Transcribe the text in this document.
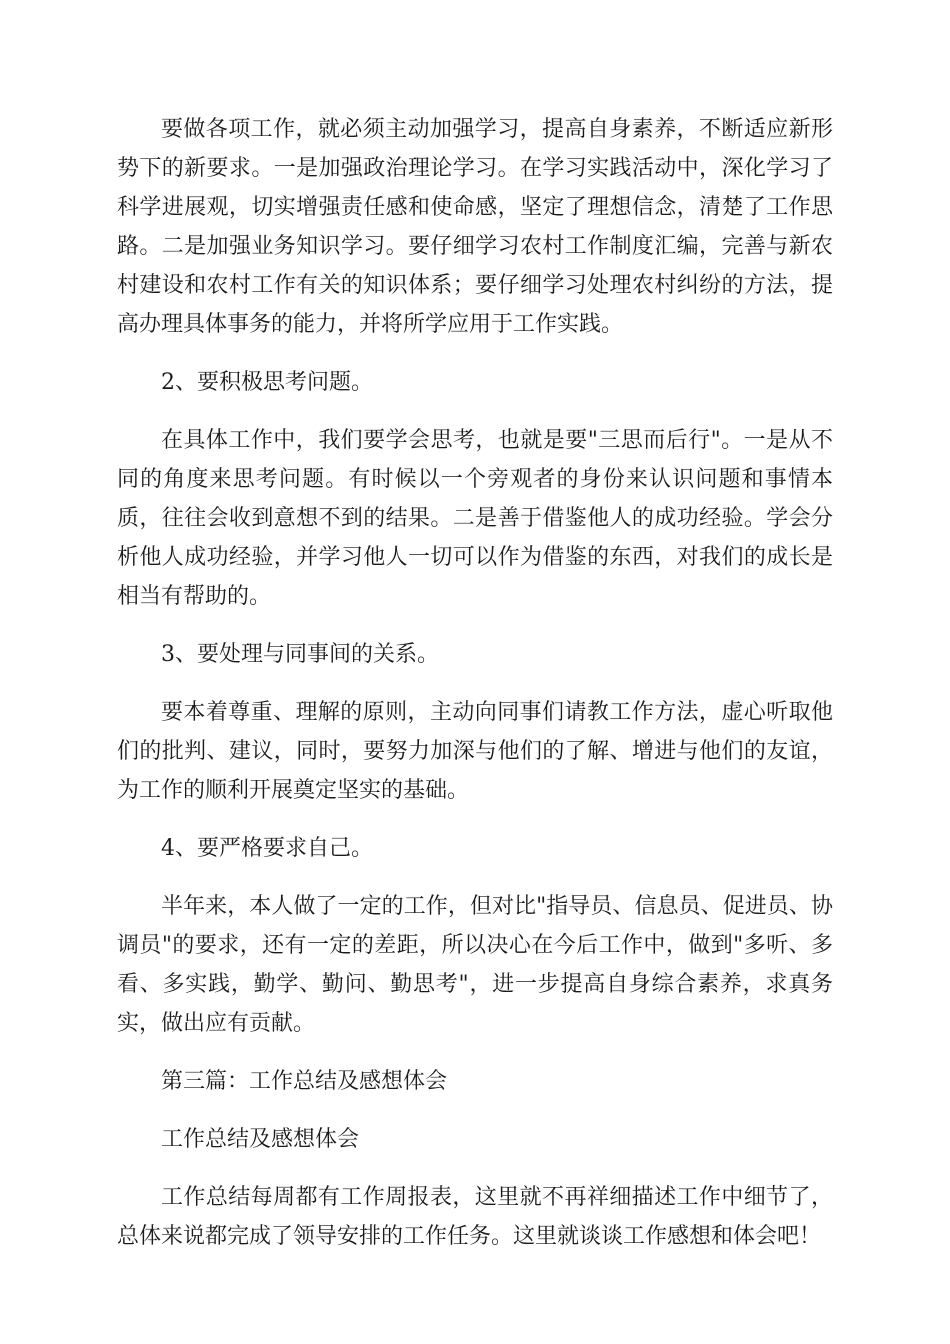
要做各项工作，就必须主动加强学习，提高自身素养，不断适应新形势下的新要求。一是加强政治理论学习。在学习实践活动中，深化学习了科学进展观，切实增强责任感和使命感，坚定了理想信念，清楚了工作思路。二是加强业务知识学习。要仔细学习农村工作制度汇编，完善与新农村建设和农村工作有关的知识体系；要仔细学习处理农村纠纷的方法，提高办理具体事务的能力，并将所学应用于工作实践。

2、要积极思考问题。

在具体工作中，我们要学会思考，也就是要"三思而后行"。一是从不同的角度来思考问题。有时候以一个旁观者的身份来认识问题和事情本质，往往会收到意想不到的结果。二是善于借鉴他人的成功经验。学会分析他人成功经验，并学习他人一切可以作为借鉴的东西，对我们的成长是相当有帮助的。

3、要处理与同事间的关系。

要本着尊重、理解的原则，主动向同事们请教工作方法，虚心听取他们的批判、建议，同时，要努力加深与他们的了解、增进与他们的友谊，为工作的顺利开展奠定坚实的基础。

4、要严格要求自己。

半年来，本人做了一定的工作，但对比"指导员、信息员、促进员、协调员"的要求，还有一定的差距，所以决心在今后工作中，做到"多听、多看、多实践，勤学、勤问、勤思考"，进一步提高自身综合素养，求真务实，做出应有贡献。

第三篇：工作总结及感想体会

工作总结及感想体会

工作总结每周都有工作周报表，这里就不再祥细描述工作中细节了，总体来说都完成了领导安排的工作任务。这里就谈谈工作感想和体会吧！
